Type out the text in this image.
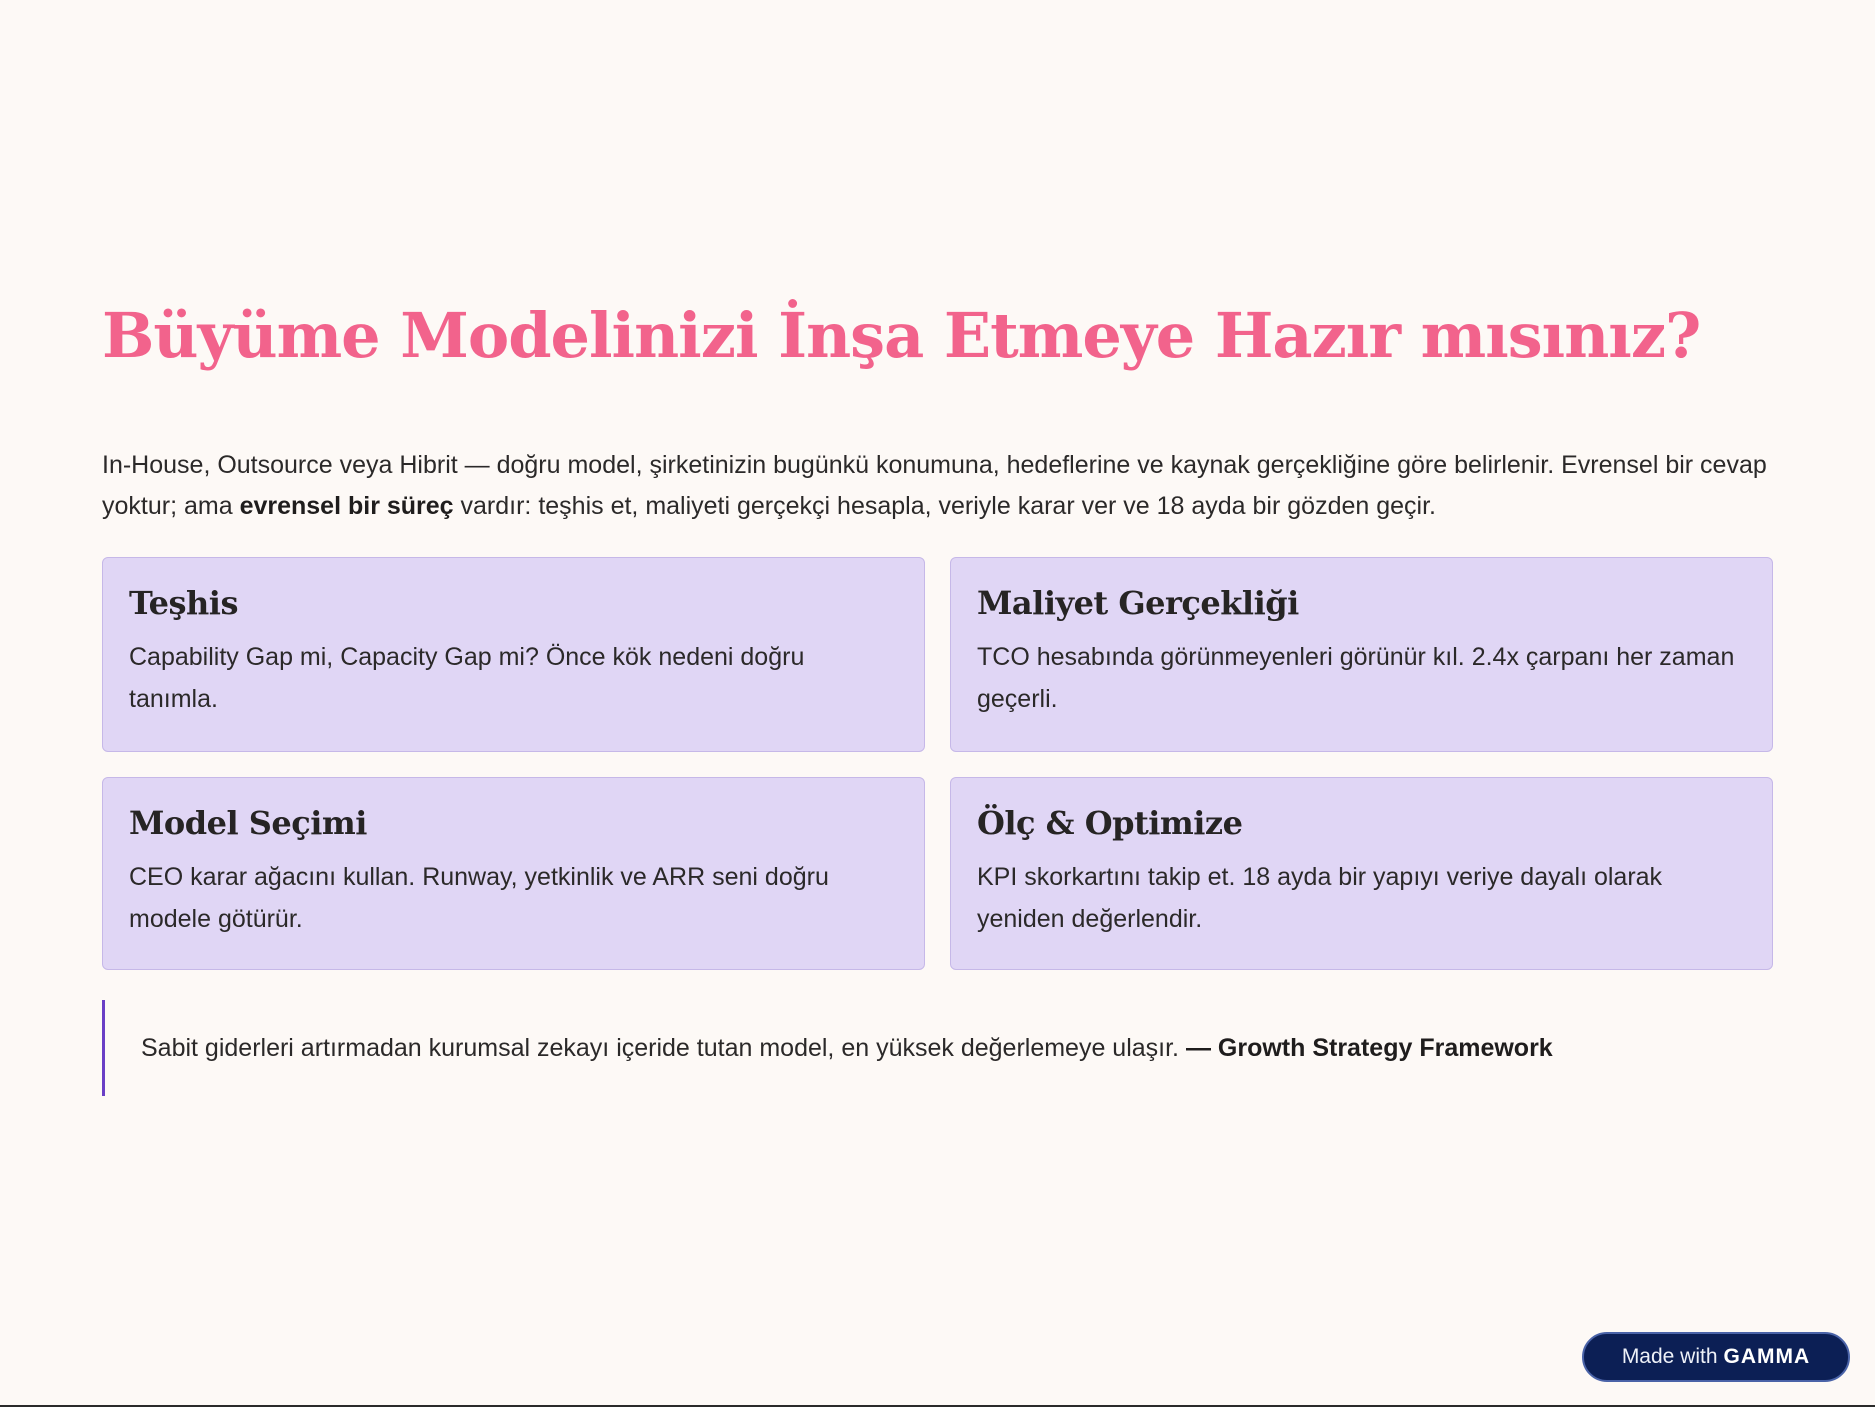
Büyüme Modelinizi İnşa Etmeye Hazır mısınız?

In-House, Outsource veya Hibrit — doğru model, şirketinizin bugünkü konumuna, hedeflerine ve kaynak gerçekliğine göre belirlenir. Evrensel bir cevap yoktur; ama evrensel bir süreç vardır: teşhis et, maliyeti gerçekçi hesapla, veriyle karar ver ve 18 ayda bir gözden geçir.

Teşhis

Capability Gap mi, Capacity Gap mi? Önce kök nedeni doğru tanımla.

Maliyet Gerçekliği

TCO hesabında görünmeyenleri görünür kıl. 2.4x çarpanı her zaman geçerli.

Model Seçimi

CEO karar ağacını kullan. Runway, yetkinlik ve ARR seni doğru modele götürür.

Ölç & Optimize

KPI skorkartını takip et. 18 ayda bir yapıyı veriye dayalı olarak yeniden değerlendir.

Sabit giderleri artırmadan kurumsal zekayı içeride tutan model, en yüksek değerlemeye ulaşır. — Growth Strategy Framework
Made with GAMMA
